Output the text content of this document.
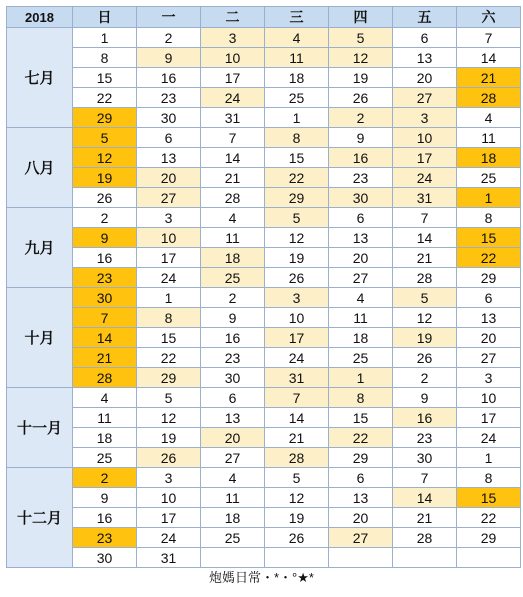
2018	日	一	二	三	四	五	六
七月	1	2	3	4	5	6	7
	8	9	10	11	12	13	14
	15	16	17	18	19	20	21
	22	23	24	25	26	27	28
	29	30	31	1	2	3	4
八月	5	6	7	8	9	10	11
	12	13	14	15	16	17	18
	19	20	21	22	23	24	25
	26	27	28	29	30	31	1
九月	2	3	4	5	6	7	8
	9	10	11	12	13	14	15
	16	17	18	19	20	21	22
	23	24	25	26	27	28	29
十月	30	1	2	3	4	5	6
	7	8	9	10	11	12	13
	14	15	16	17	18	19	20
	21	22	23	24	25	26	27
	28	29	30	31	1	2	3
十一月	4	5	6	7	8	9	10
	11	12	13	14	15	16	17
	18	19	20	21	22	23	24
	25	26	27	28	29	30	1
十二月	2	3	4	5	6	7	8
	9	10	11	12	13	14	15
	16	17	18	19	20	21	22
	23	24	25	26	27	28	29
	30	31					
炮媽日常・*・°★*
